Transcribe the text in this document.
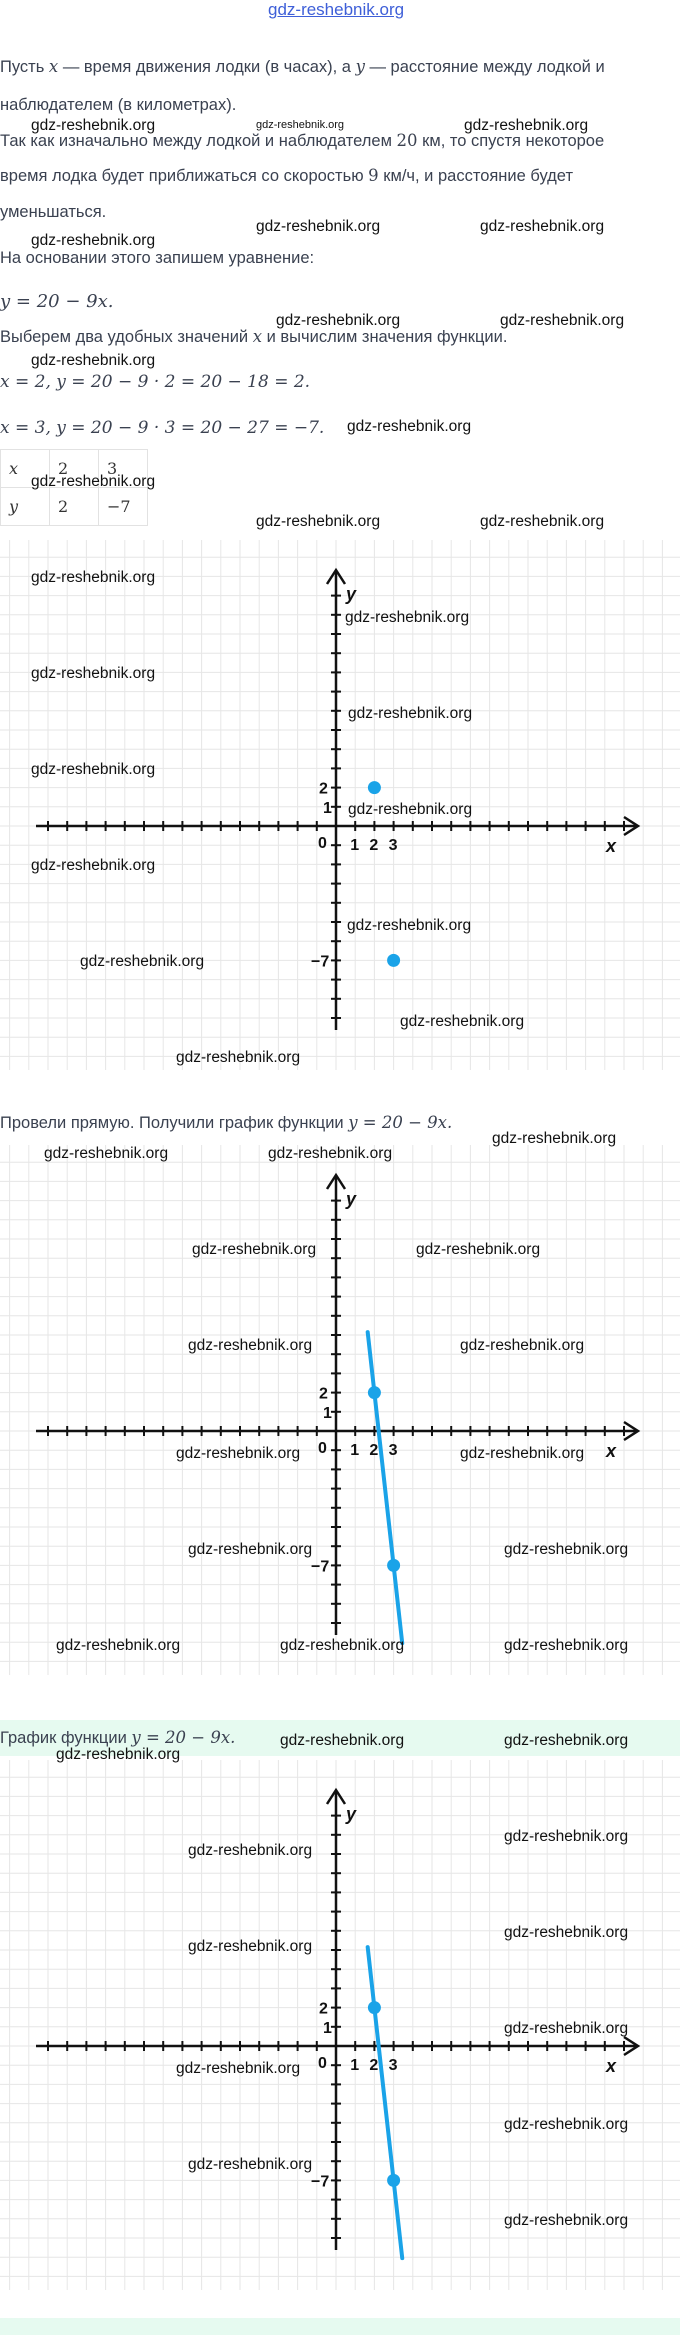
gdz-reshebnik.org
Пусть x — время движения лодки (в часах), а y — расстояние между лодкой и
наблюдателем (в километрах).
Так как изначально между лодкой и наблюдателем 20 км, то спустя некоторое
время лодка будет приближаться со скоростью 9 км/ч, и расстояние будет
уменьшаться.
На основании этого запишем уравнение:
y = 20 − 9x.
Выберем два удобных значений x и вычислим значения функции.
x = 2, y = 20 − 9 · 2 = 20 − 18 = 2.
x = 3, y = 20 − 9 · 3 = 20 − 27 = −7.
x	2	3
y	2	−7
Провели прямую. Получили график функции y = 20 − 9x.
График функции y = 20 − 9x.
x
y
0 1 2 3
2
1
−7
x
y
0 1 2 3
2
1
−7
x
y
0 1 2 3
2
1
−7
gdz-reshebnik.org	gdz-reshebnik.org	gdz-reshebnik.org
gdz-reshebnik.org	gdz-reshebnik.org
gdz-reshebnik.org
gdz-reshebnik.org	gdz-reshebnik.org
gdz-reshebnik.org
gdz-reshebnik.org
gdz-reshebnik.org
gdz-reshebnik.org	gdz-reshebnik.org
gdz-reshebnik.org
gdz-reshebnik.org
gdz-reshebnik.org
gdz-reshebnik.org
gdz-reshebnik.org
gdz-reshebnik.org
gdz-reshebnik.org
gdz-reshebnik.org
gdz-reshebnik.org
gdz-reshebnik.org
gdz-reshebnik.org
gdz-reshebnik.org
gdz-reshebnik.org	gdz-reshebnik.org
gdz-reshebnik.org	gdz-reshebnik.org
gdz-reshebnik.org	gdz-reshebnik.org
gdz-reshebnik.org	gdz-reshebnik.org
gdz-reshebnik.org	gdz-reshebnik.org
gdz-reshebnik.org	gdz-reshebnik.org	gdz-reshebnik.org
gdz-reshebnik.org	gdz-reshebnik.org
gdz-reshebnik.org
gdz-reshebnik.org
gdz-reshebnik.org
gdz-reshebnik.org
gdz-reshebnik.org
gdz-reshebnik.org
gdz-reshebnik.org
gdz-reshebnik.org
gdz-reshebnik.org
gdz-reshebnik.org
